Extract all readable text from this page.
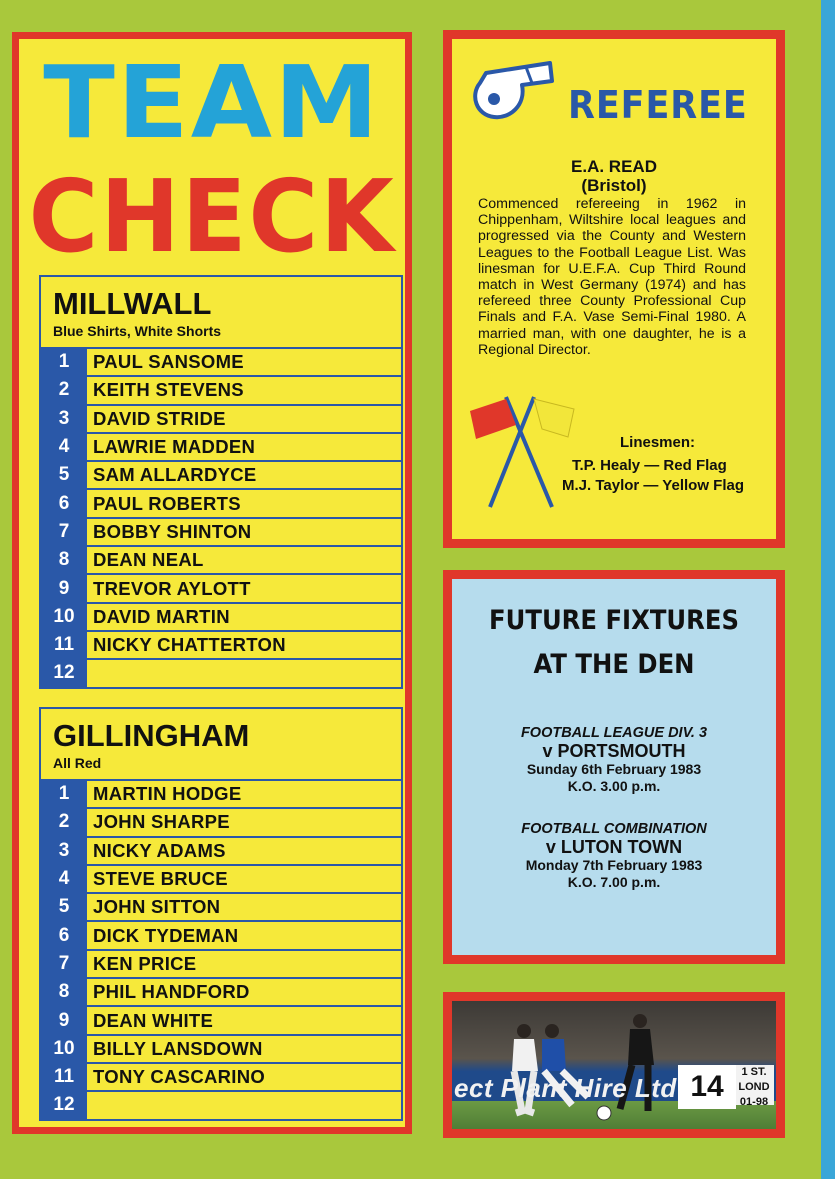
TEAM
CHECK
MILLWALL
Blue Shirts, White Shorts
1	PAUL SANSOME
2	KEITH STEVENS
3	DAVID STRIDE
4	LAWRIE MADDEN
5	SAM ALLARDYCE
6	PAUL ROBERTS
7	BOBBY SHINTON
8	DEAN NEAL
9	TREVOR AYLOTT
10 DAVID MARTIN
11	NICKY CHATTERTON
12
GILLINGHAM
All Red
1	MARTIN HODGE
2	JOHN SHARPE
3	NICKY ADAMS
4	STEVE BRUCE
5	JOHN SITTON
6	DICK TYDEMAN
7	KEN PRICE
8	PHIL HANDFORD
9	DEAN WHITE
10 BILLY LANSDOWN
11	TONY CASCARINO
12
REFEREE
E.A. READ
(Bristol)
Commenced refereeing in 1962 in Chippenham, Wiltshire local leagues and progressed via the County and Western Leagues to the Football League List. Was linesman for U.E.F.A. Cup Third Round match in West Germany (1974) and has refereed three County Professional Cup Finals and F.A. Vase Semi-Final 1980. A married man, with one daughter, he is a Regional Director.
Linesmen:
T.P. Healy — Red Flag
M.J. Taylor — Yellow Flag
FUTURE FIXTURES
AT THE DEN
FOOTBALL LEAGUE DIV. 3
v PORTSMOUTH
Sunday 6th February 1983
K.O. 3.00 p.m.
FOOTBALL COMBINATION
v LUTON TOWN
Monday 7th February 1983
K.O. 7.00 p.m.
ect Plant Hire Ltd
1 ST. LOND
01-98
14
